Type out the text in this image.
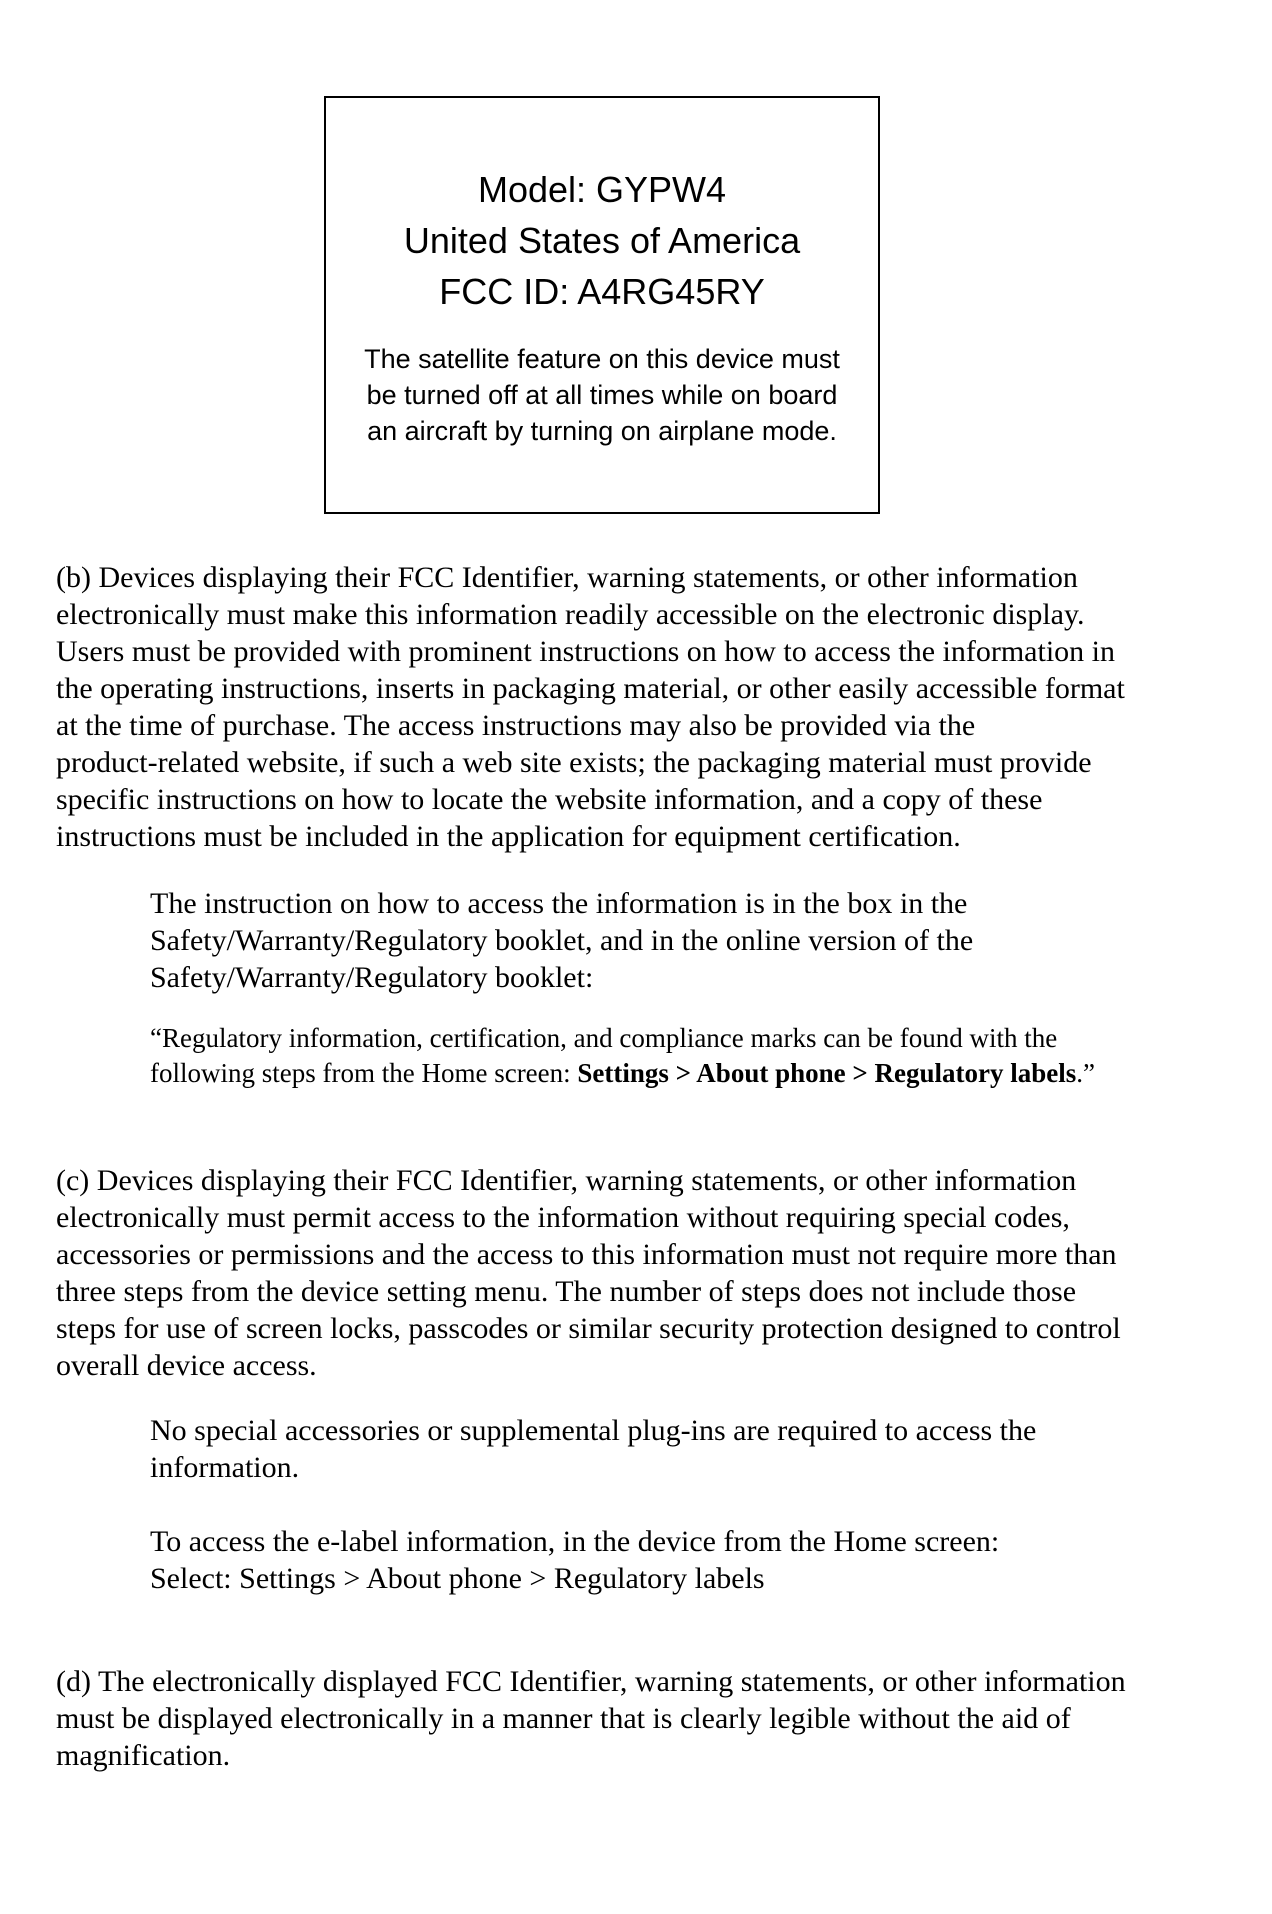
Model: GYPW4
United States of America
FCC ID: A4RG45RY
The satellite feature on this device must
be turned off at all times while on board
an aircraft by turning on airplane mode.
(b) Devices displaying their FCC Identifier, warning statements, or other information
electronically must make this information readily accessible on the electronic display.
Users must be provided with prominent instructions on how to access the information in
the operating instructions, inserts in packaging material, or other easily accessible format
at the time of purchase. The access instructions may also be provided via the
product-related website, if such a web site exists; the packaging material must provide
specific instructions on how to locate the website information, and a copy of these
instructions must be included in the application for equipment certification.
The instruction on how to access the information is in the box in the
Safety/Warranty/Regulatory booklet, and in the online version of the
Safety/Warranty/Regulatory booklet:
“Regulatory information, certification, and compliance marks can be found with the
following steps from the Home screen: Settings > About phone > Regulatory labels.”
(c) Devices displaying their FCC Identifier, warning statements, or other information
electronically must permit access to the information without requiring special codes,
accessories or permissions and the access to this information must not require more than
three steps from the device setting menu. The number of steps does not include those
steps for use of screen locks, passcodes or similar security protection designed to control
overall device access.
No special accessories or supplemental plug-ins are required to access the
information.
To access the e-label information, in the device from the Home screen:
Select: Settings > About phone > Regulatory labels
(d) The electronically displayed FCC Identifier, warning statements, or other information
must be displayed electronically in a manner that is clearly legible without the aid of
magnification.
